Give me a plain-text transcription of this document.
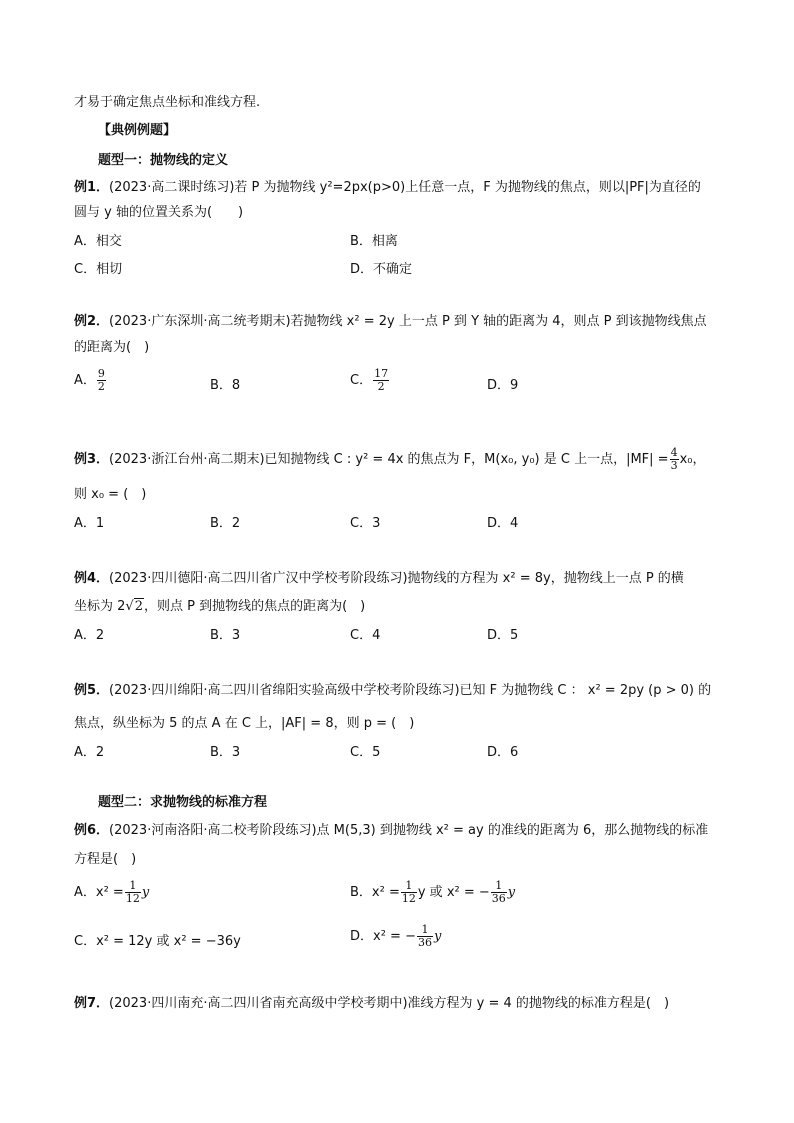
才易于确定焦点坐标和准线方程.
【典例例题】
题型一：抛物线的定义
例1．(2023·高二课时练习)若 P 为抛物线 y²=2px(p>0)上任意一点，F 为抛物线的焦点，则以|PF|为直径的
圆与 y 轴的位置关系为(　　)
A．相交	B．相离
C．相切	D．不确定
例2．(2023·广东深圳·高二统考期末)若抛物线 x² = 2y 上一点 P 到 Y 轴的距离为 4，则点 P 到该抛物线焦点
的距离为(　)
A． $\frac{9}{2}$	B．8	C． $\frac{17}{2}$	D．9
例3．(2023·浙江台州·高二期末)已知抛物线 C : y² = 4x 的焦点为 F，M(x₀, y₀) 是 C 上一点，$|MF| = \frac{4}{3} x_0$，
则 x₀ = (　)
A．1	B．2	C．3	D．4
例4．(2023·四川德阳·高二四川省广汉中学校考阶段练习)抛物线的方程为 x² = 8y，抛物线上一点 P 的横
坐标为 2√2，则点 P 到抛物线的焦点的距离为(　)
A．2	B．3	C．4	D．5
例5．(2023·四川绵阳·高二四川省绵阳实验高级中学校考阶段练习)已知 F 为抛物线 C ： x² = 2py (p > 0) 的
焦点，纵坐标为 5 的点 A 在 C 上，|AF| = 8，则 p = (　)
A．2	B．3	C．5	D．6
题型二：求抛物线的标准方程
例6．(2023·河南洛阳·高二校考阶段练习)点 M(5,3) 到抛物线 x² = ay 的准线的距离为 6，那么抛物线的标准
方程是(　)
A．$x^2 = \frac{1}{12}$ y	B．$x^2 = \frac{1}{12}$ y 或 x² = − $\frac{1}{36}$ y
C．x² = 12y 或 x² = −36y	D．x² = − $\frac{1}{36}$ y
例7．(2023·四川南充·高二四川省南充高级中学校考期中)准线方程为 y = 4 的抛物线的标准方程是(　)
